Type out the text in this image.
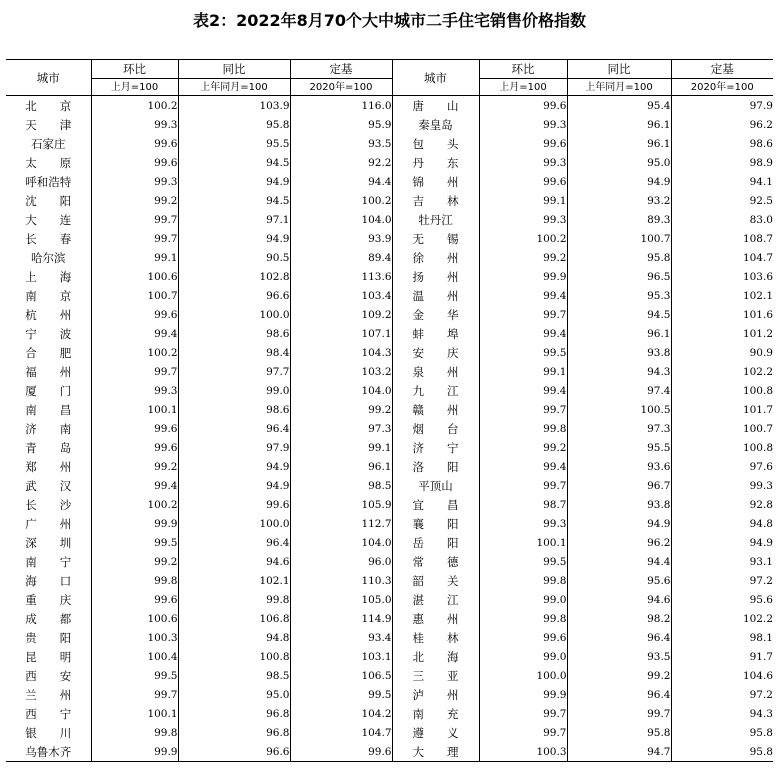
表2：2022年8月70个大中城市二手住宅销售价格指数
城市	环比	同比	定基	城市	环比	同比	定基
	上月=100	上年同月=100	2020年=100		上月=100	上年同月=100	2020年=100
北　　京	100.2	103.9	116.0	唐　　山	99.6	95.4	97.9
天　　津	99.3	95.8	95.9	秦皇岛	99.3	96.1	96.2
石家庄	99.6	95.5	93.5	包　　头	99.6	96.1	98.6
太　　原	99.6	94.5	92.2	丹　　东	99.3	95.0	98.9
呼和浩特	99.3	94.9	94.4	锦　　州	99.6	94.9	94.1
沈　　阳	99.2	94.5	100.2	吉　　林	99.1	93.2	92.5
大　　连	99.7	97.1	104.0	牡丹江	99.3	89.3	83.0
长　　春	99.7	94.9	93.9	无　　锡	100.2	100.7	108.7
哈尔滨	99.1	90.5	89.4	徐　　州	99.2	95.8	104.7
上　　海	100.6	102.8	113.6	扬　　州	99.9	96.5	103.6
南　　京	100.7	96.6	103.4	温　　州	99.4	95.3	102.1
杭　　州	99.6	100.0	109.2	金　　华	99.7	94.5	101.6
宁　　波	99.4	98.6	107.1	蚌　　埠	99.4	96.1	101.2
合　　肥	100.2	98.4	104.3	安　　庆	99.5	93.8	90.9
福　　州	99.7	97.7	103.2	泉　　州	99.1	94.3	102.2
厦　　门	99.3	99.0	104.0	九　　江	99.4	97.4	100.8
南　　昌	100.1	98.6	99.2	赣　　州	99.7	100.5	101.7
济　　南	99.6	96.4	97.3	烟　　台	99.8	97.3	100.7
青　　岛	99.6	97.9	99.1	济　　宁	99.2	95.5	100.8
郑　　州	99.2	94.9	96.1	洛　　阳	99.4	93.6	97.6
武　　汉	99.4	94.9	98.5	平顶山	99.7	96.7	99.3
长　　沙	100.2	99.6	105.9	宜　　昌	98.7	93.8	92.8
广　　州	99.9	100.0	112.7	襄　　阳	99.3	94.9	94.8
深　　圳	99.5	96.4	104.0	岳　　阳	100.1	96.2	94.9
南　　宁	99.2	94.6	96.0	常　　德	99.5	94.4	93.1
海　　口	99.8	102.1	110.3	韶　　关	99.8	95.6	97.2
重　　庆	99.6	99.8	105.0	湛　　江	99.0	94.6	95.6
成　　都	100.6	106.8	114.9	惠　　州	99.8	98.2	102.2
贵　　阳	100.3	94.8	93.4	桂　　林	99.6	96.4	98.1
昆　　明	100.4	100.8	103.1	北　　海	99.0	93.5	91.7
西　　安	99.5	98.5	106.5	三　　亚	100.0	99.2	104.6
兰　　州	99.7	95.0	99.5	泸　　州	99.9	96.4	97.2
西　　宁	100.1	96.8	104.2	南　　充	99.7	99.7	94.3
银　　川	99.8	96.8	104.7	遵　　义	99.7	95.8	95.8
乌鲁木齐	99.9	96.6	99.6	大　　理	100.3	94.7	95.8
